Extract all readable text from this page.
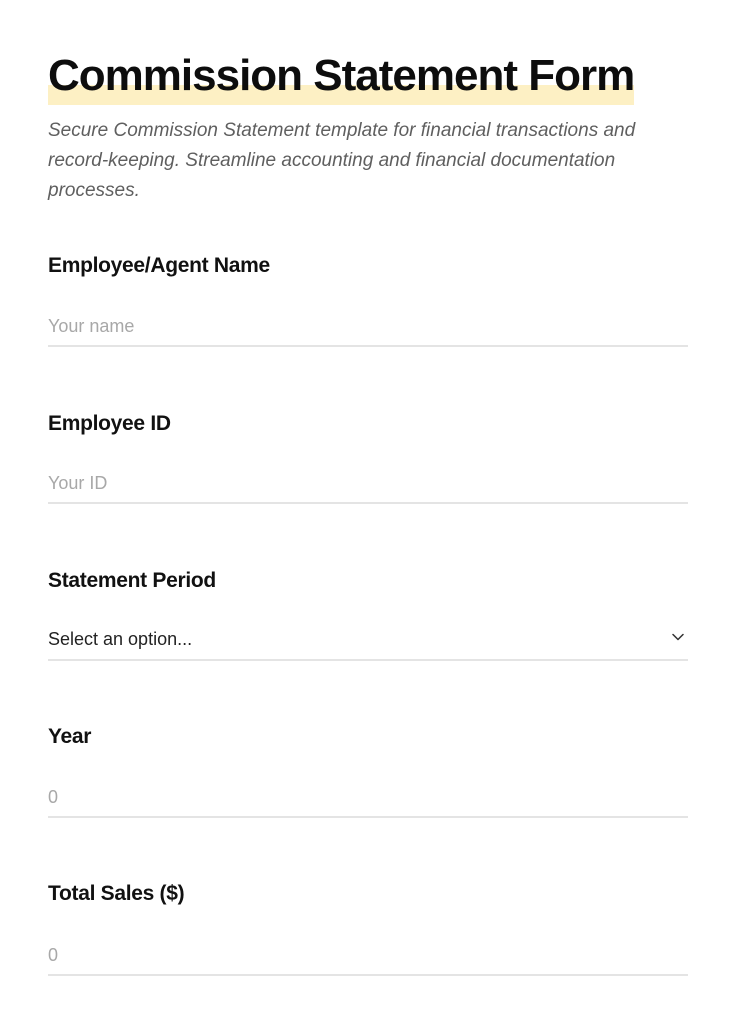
Commission Statement Form

Secure Commission Statement template for financial transactions and record-keeping. Streamline accounting and financial documentation processes.

Employee/Agent Name
Your name
Employee ID
Your ID
Statement Period
Select an option...
Year
0
Total Sales ($)
0
